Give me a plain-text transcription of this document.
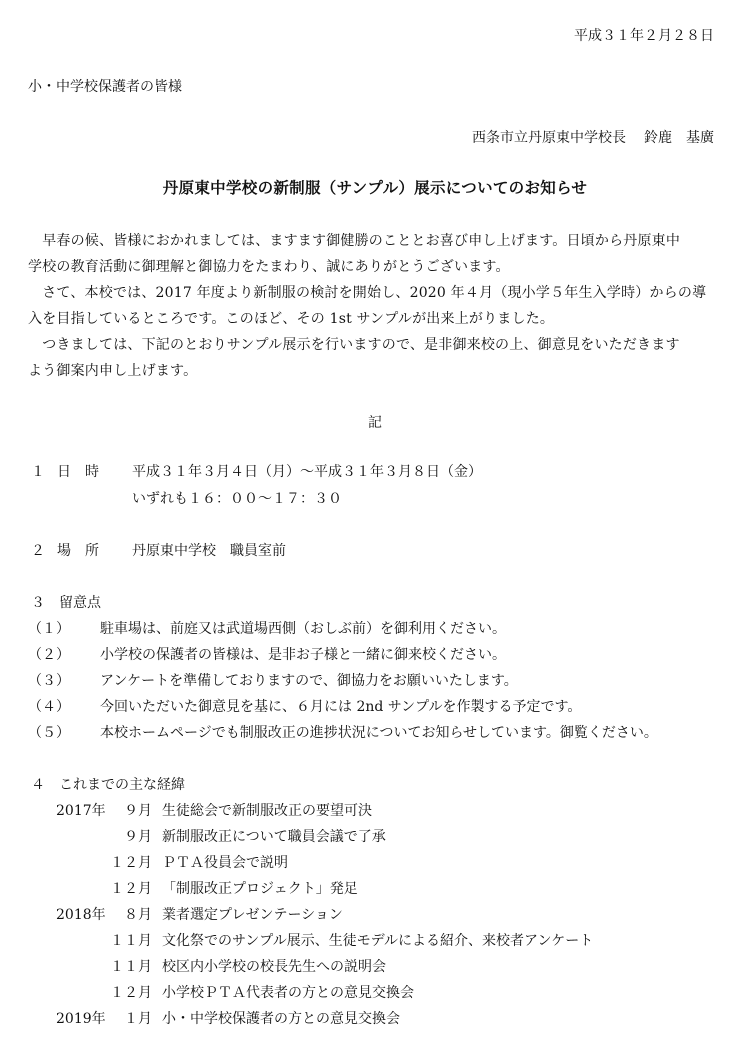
平成３１年２月２８日
小・中学校保護者の皆様
西条市立丹原東中学校長 鈴鹿　基廣
丹原東中学校の新制服（サンプル）展示についてのお知らせ
　早春の候、皆様におかれましては、ますます御健勝のこととお喜び申し上げます。日頃から丹原東中
学校の教育活動に御理解と御協力をたまわり、誠にありがとうございます。
　さて、本校では、2017 年度より新制服の検討を開始し、2020 年４月（現小学５年生入学時）からの導
入を目指しているところです。このほど、その 1st サンプルが出来上がりました。
　つきましては、下記のとおりサンプル展示を行いますので、是非御来校の上、御意見をいただきます
よう御案内申し上げます。
記
１ 日　時 平成３１年３月４日（月）～平成３１年３月８日（金）
いずれも１６：００～１７：３０
２ 場　所 丹原東中学校　職員室前
３　留意点
（１） 駐車場は、前庭又は武道場西側（おしぶ前）を御利用ください。
（２） 小学校の保護者の皆様は、是非お子様と一緒に御来校ください。
（３） アンケートを準備しておりますので、御協力をお願いいたします。
（４） 今回いただいた御意見を基に、６月には 2nd サンプルを作製する予定です。
（５） 本校ホームページでも制服改正の進捗状況についてお知らせしています。御覧ください。
４　これまでの主な経緯
2017年 ９月 生徒総会で新制服改正の要望可決
９月 新制服改正について職員会議で了承
１２月 ＰＴＡ役員会で説明
１２月 「制服改正プロジェクト」発足
2018年 ８月 業者選定プレゼンテーション
１１月 文化祭でのサンプル展示、生徒モデルによる紹介、来校者アンケート
１１月 校区内小学校の校長先生への説明会
１２月 小学校ＰＴＡ代表者の方との意見交換会
2019年 １月 小・中学校保護者の方との意見交換会
